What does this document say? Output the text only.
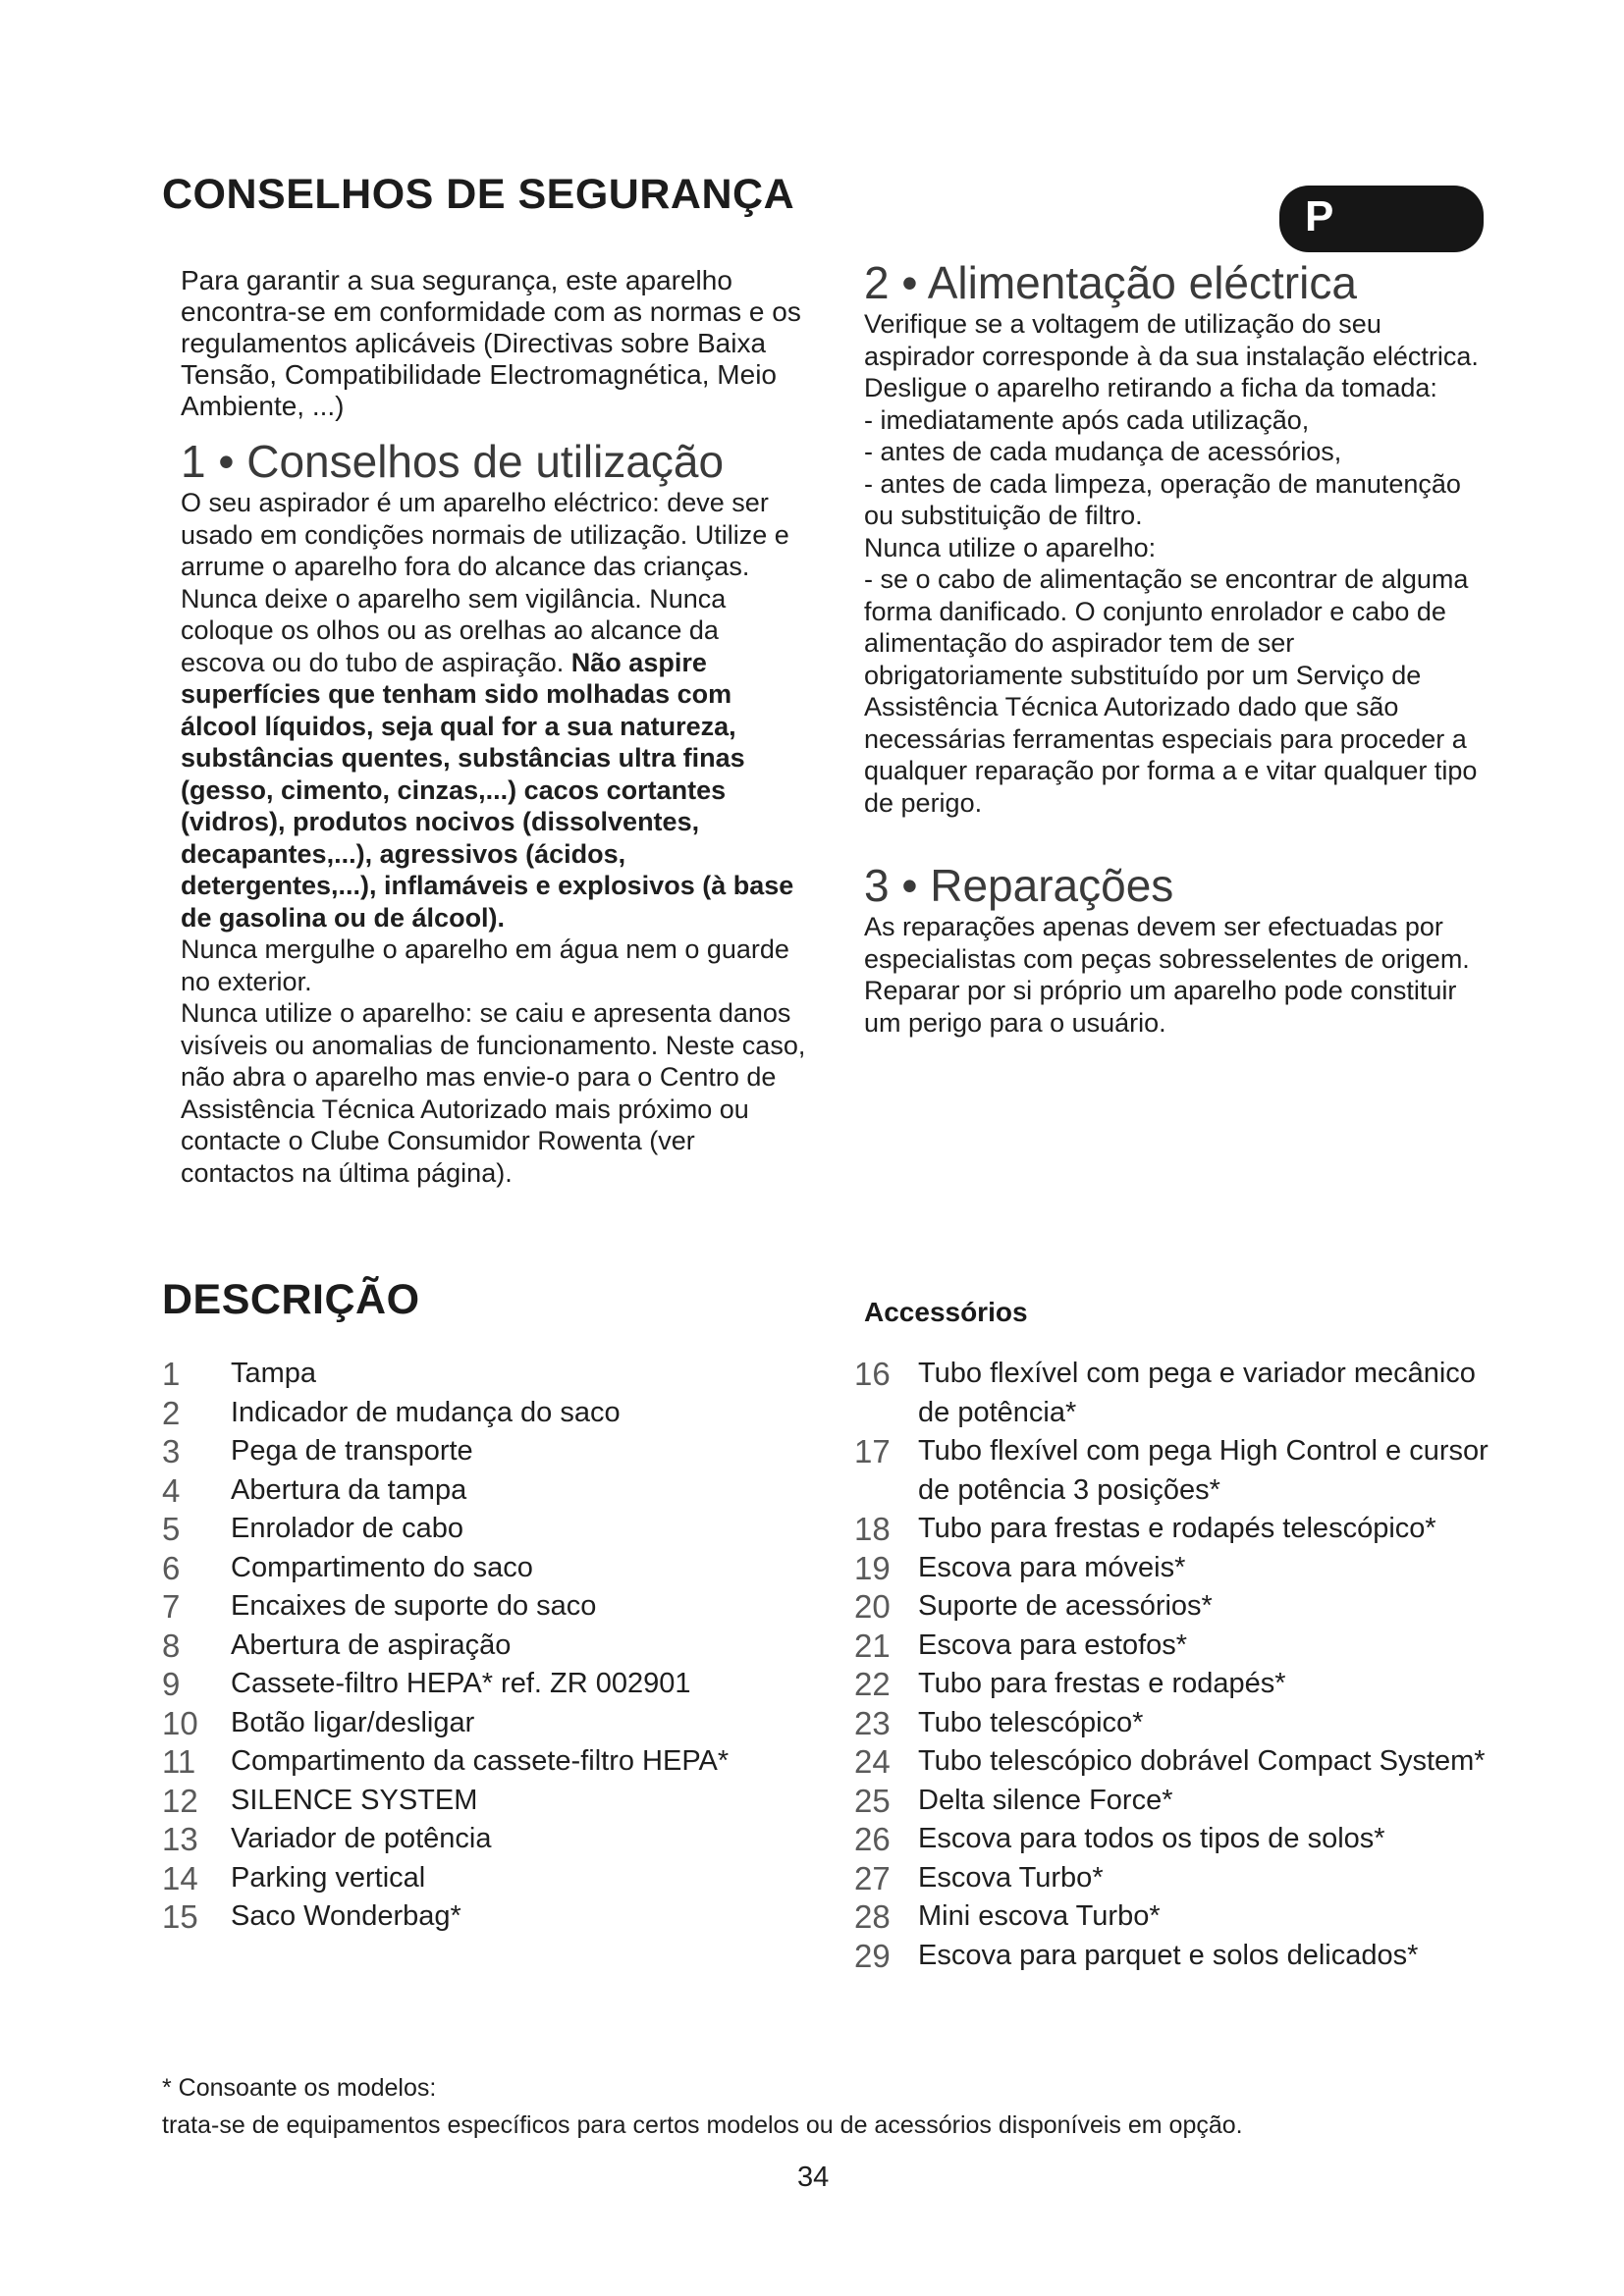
CONSELHOS DE SEGURANÇA	P

Para garantir a sua segurança, este aparelho encontra-se em conformidade com as normas e os regulamentos aplicáveis (Directivas sobre Baixa Tensão, Compatibilidade Electromagnética, Meio Ambiente, ...)

1 • Conselhos de utilização

O seu aspirador é um aparelho eléctrico: deve ser usado em condições normais de utilização. Utilize e arrume o aparelho fora do alcance das crianças. Nunca deixe o aparelho sem vigilância. Nunca coloque os olhos ou as orelhas ao alcance da escova ou do tubo de aspiração. Não aspire superfícies que tenham sido molhadas com álcool líquidos, seja qual for a sua natureza, substâncias quentes, substâncias ultra finas (gesso, cimento, cinzas,...) cacos cortantes (vidros), produtos nocivos (dissolventes, decapantes,...), agressivos (ácidos, detergentes,...), inflamáveis e explosivos (à base de gasolina ou de álcool).

Nunca mergulhe o aparelho em água nem o guarde no exterior.

Nunca utilize o aparelho: se caiu e apresenta danos visíveis ou anomalias de funcionamento. Neste caso, não abra o aparelho mas envie-o para o Centro de Assistência Técnica Autorizado mais próximo ou contacte o Clube Consumidor Rowenta (ver contactos na última página).

2 • Alimentação eléctrica

Verifique se a voltagem de utilização do seu aspirador corresponde à da sua instalação eléctrica. Desligue o aparelho retirando a ficha da tomada:

- imediatamente após cada utilização,

- antes de cada mudança de acessórios,

- antes de cada limpeza, operação de manutenção ou substituição de filtro.

Nunca utilize o aparelho:

- se o cabo de alimentação se encontrar de alguma forma danificado. O conjunto enrolador e cabo de alimentação do aspirador tem de ser obrigatoriamente substituído por um Serviço de Assistência Técnica Autorizado dado que são necessárias ferramentas especiais para proceder a qualquer reparação por forma a e vitar qualquer tipo de perigo.

3 • Reparações

As reparações apenas devem ser efectuadas por especialistas com peças sobresselentes de origem. Reparar por si próprio um aparelho pode constituir um perigo para o usuário.

DESCRIÇÃO
1	Tampa
2	Indicador de mudança do saco
3	Pega de transporte
4	Abertura da tampa
5	Enrolador de cabo
6	Compartimento do saco
7	Encaixes de suporte do saco
8	Abertura de aspiração
9	Cassete-filtro HEPA* ref. ZR 002901
10	Botão ligar/desligar
11	Compartimento da cassete-filtro HEPA*
12	SILENCE SYSTEM
13	Variador de potência
14	Parking vertical
15	Saco Wonderbag*
Accessórios
16 Tubo flexível com pega e variador mecânico de potência*
17 Tubo flexível com pega High Control e cursor de potência 3 posições*
18 Tubo para frestas e rodapés telescópico*
19 Escova para móveis*
20 Suporte de acessórios*
21 Escova para estofos*
22 Tubo para frestas e rodapés*
23 Tubo telescópico*
24 Tubo telescópico dobrável Compact System*
25 Delta silence Force*
26 Escova para todos os tipos de solos*
27 Escova Turbo*
28 Mini escova Turbo*
29 Escova para parquet e solos delicados*
* Consoante os modelos:
trata-se de equipamentos específicos para certos modelos ou de acessórios disponíveis em opção.
34
